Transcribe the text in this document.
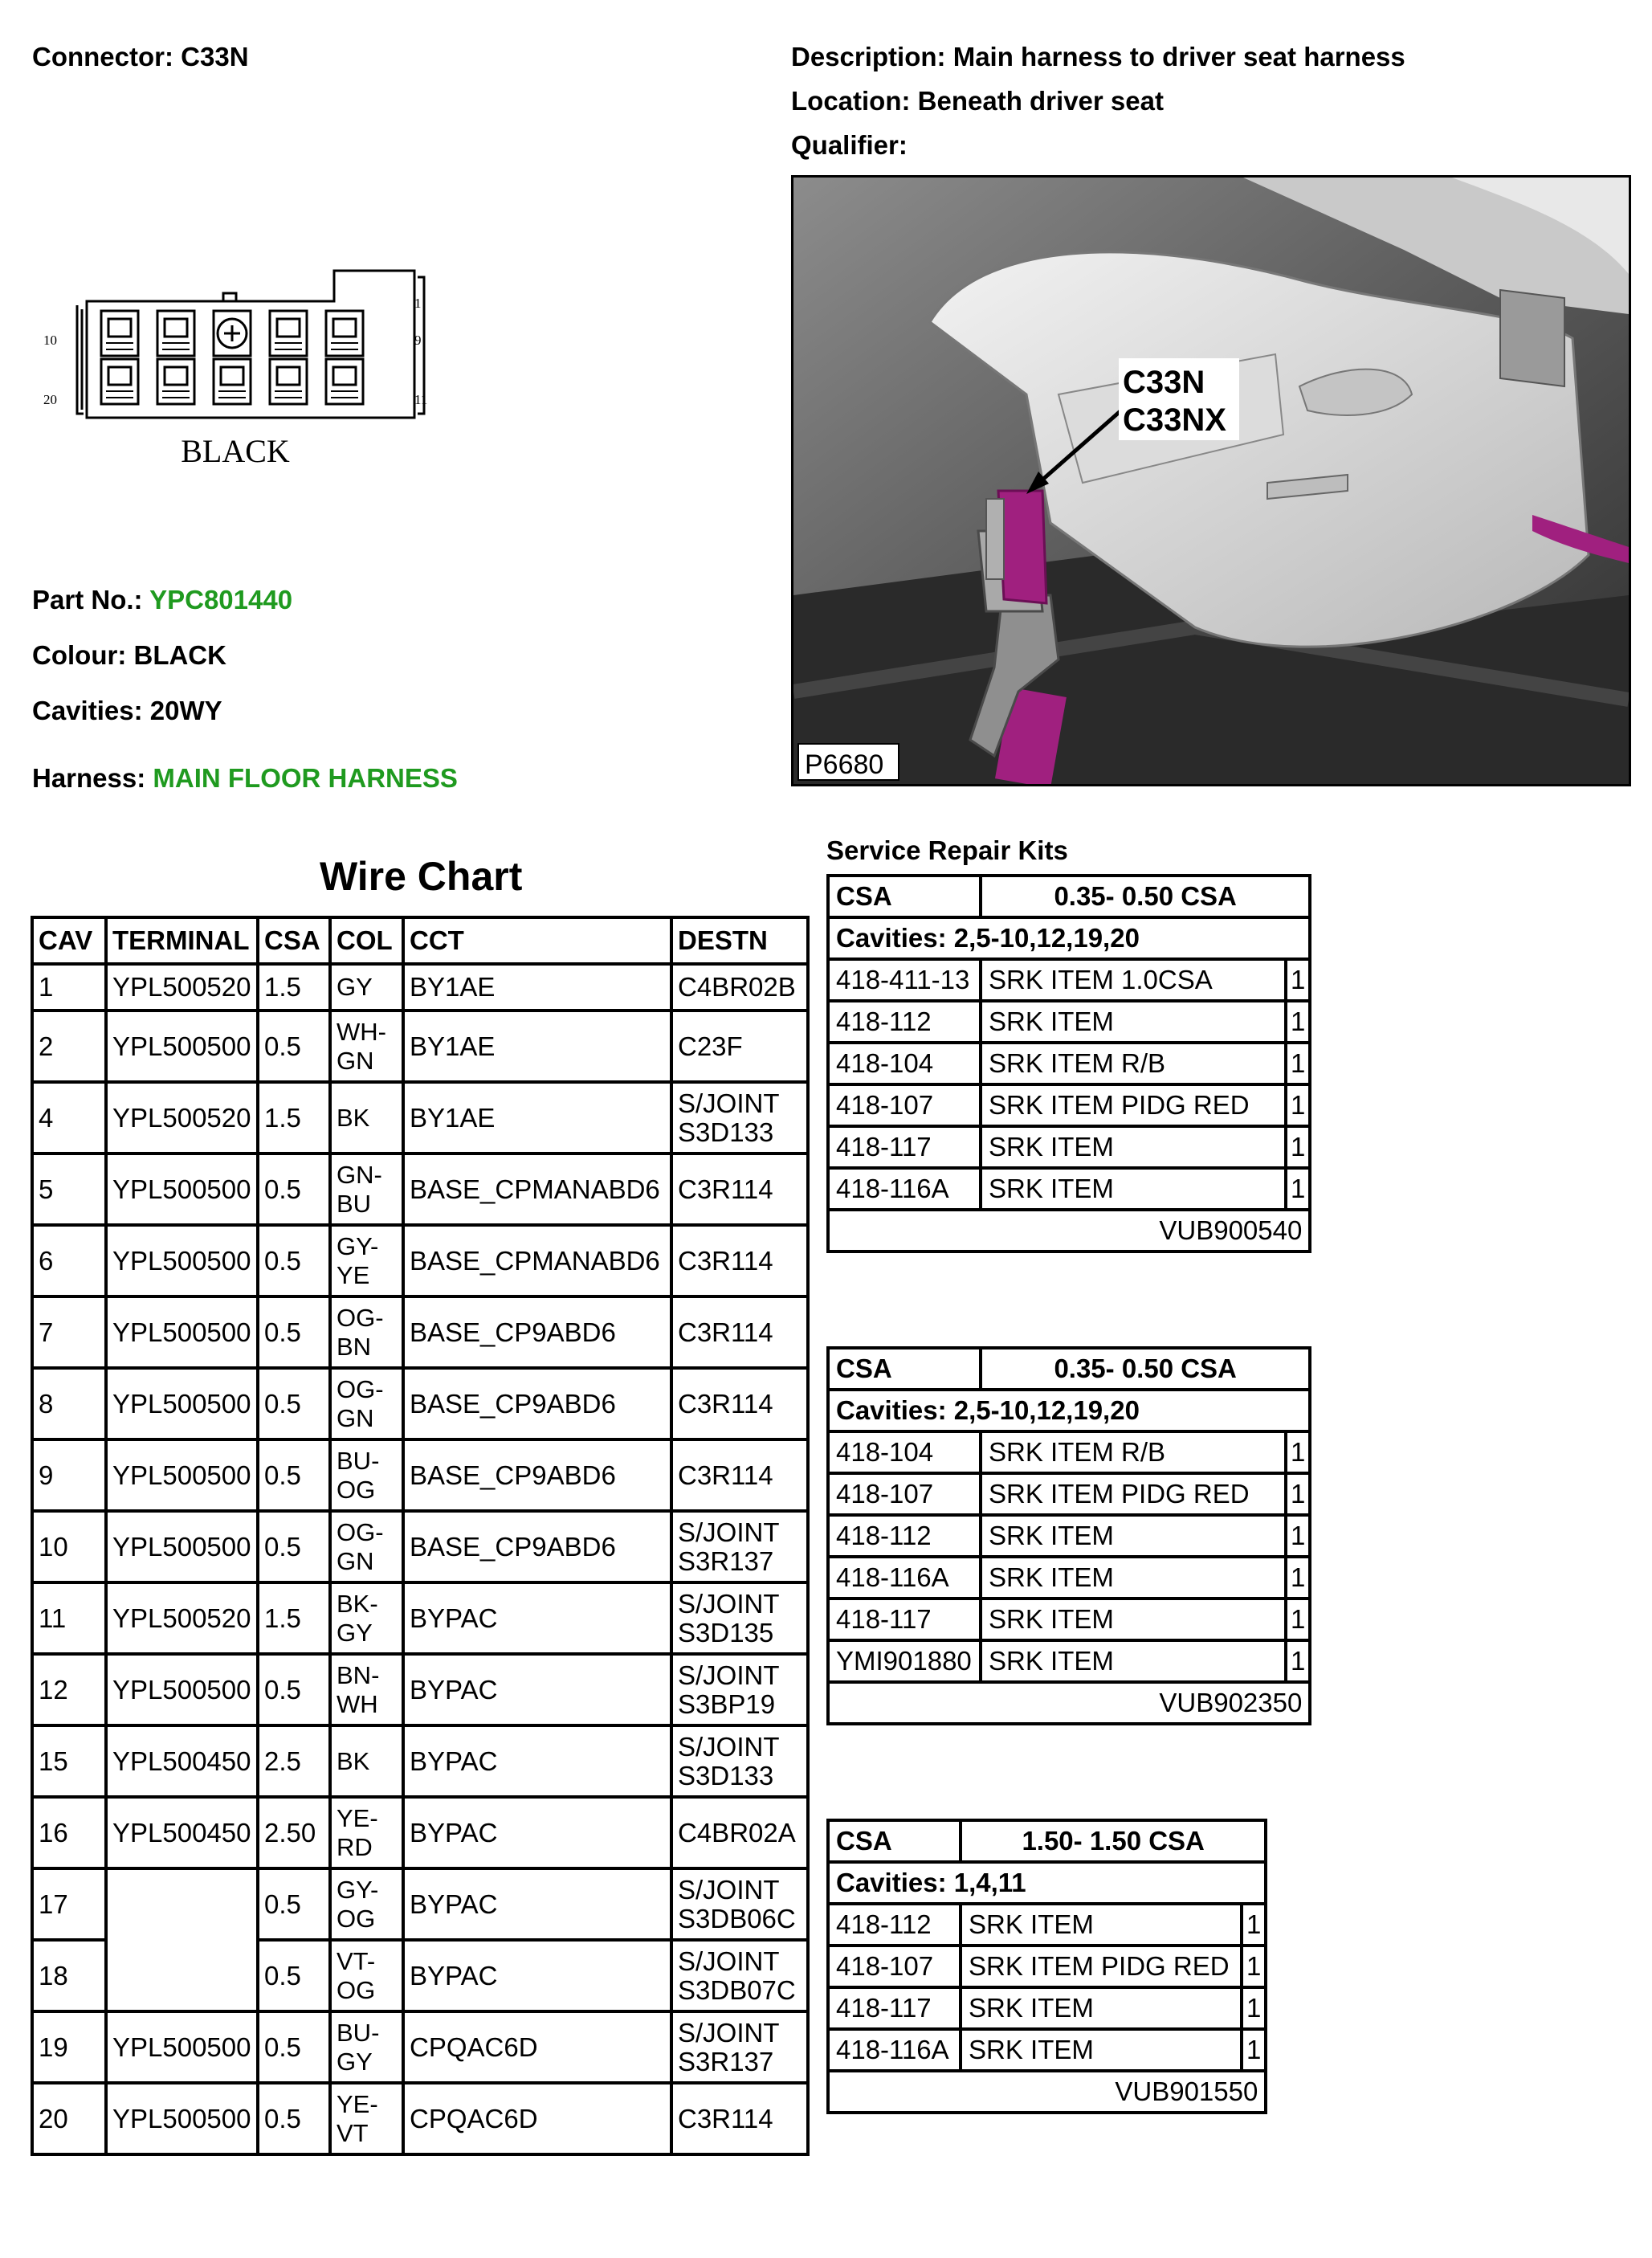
Connector: C33N	Description: Main harness to driver seat harness
Location: Beneath driver seat
Qualifier:
1
9
10
20	11
BLACK
Part No.: YPC801440
Colour: BLACK
Cavities: 20WY
Harness: MAIN FLOOR HARNESS
C33N
C33NX
P6680
Wire Chart
CAV	TERMINAL	CSA	COL	CCT	DESTN
1	YPL500520	1.5	GY	BY1AE	C4BR02B
2	YPL500500	0.5	WH-
GN	BY1AE	C23F
4	YPL500520	1.5	BK	BY1AE	S/JOINT
S3D133
5	YPL500500	0.5	GN-
BU	BASE_CPMANABD6	C3R114
6	YPL500500	0.5	GY-
YE	BASE_CPMANABD6	C3R114
7	YPL500500	0.5	OG-
BN	BASE_CP9ABD6	C3R114
8	YPL500500	0.5	OG-
GN	BASE_CP9ABD6	C3R114
9	YPL500500	0.5	BU-
OG	BASE_CP9ABD6	C3R114
10	YPL500500	0.5	OG-
GN	BASE_CP9ABD6	S/JOINT
S3R137
11	YPL500520	1.5	BK-
GY	BYPAC	S/JOINT
S3D135
12	YPL500500	0.5	BN-
WH	BYPAC	S/JOINT
S3BP19
15	YPL500450	2.5	BK	BYPAC	S/JOINT
S3D133
16	YPL500450	2.50	YE-
RD	BYPAC	C4BR02A
17		0.5	GY-
OG	BYPAC	S/JOINT
S3DB06C
18		0.5	VT-
OG	BYPAC	S/JOINT
S3DB07C
19	YPL500500	0.5	BU-
GY	CPQAC6D	S/JOINT
S3R137
20	YPL500500	0.5	YE-
VT	CPQAC6D	C3R114
Service Repair Kits
CSA	0.35- 0.50 CSA	
Cavities: 2,5-10,12,19,20		
418-411-13	SRK ITEM 1.0CSA	1
418-112	SRK ITEM	1
418-104	SRK ITEM R/B	1
418-107	SRK ITEM PIDG RED	1
418-117	SRK ITEM	1
418-116A	SRK ITEM	1
VUB900540		
CSA	0.35- 0.50 CSA	
Cavities: 2,5-10,12,19,20		
418-104	SRK ITEM R/B	1
418-107	SRK ITEM PIDG RED	1
418-112	SRK ITEM	1
418-116A	SRK ITEM	1
418-117	SRK ITEM	1
YMI901880	SRK ITEM	1
VUB902350		
CSA	1.50- 1.50 CSA	
Cavities: 1,4,11		
418-112	SRK ITEM	1
418-107	SRK ITEM PIDG RED	1
418-117	SRK ITEM	1
418-116A	SRK ITEM	1
VUB901550		
